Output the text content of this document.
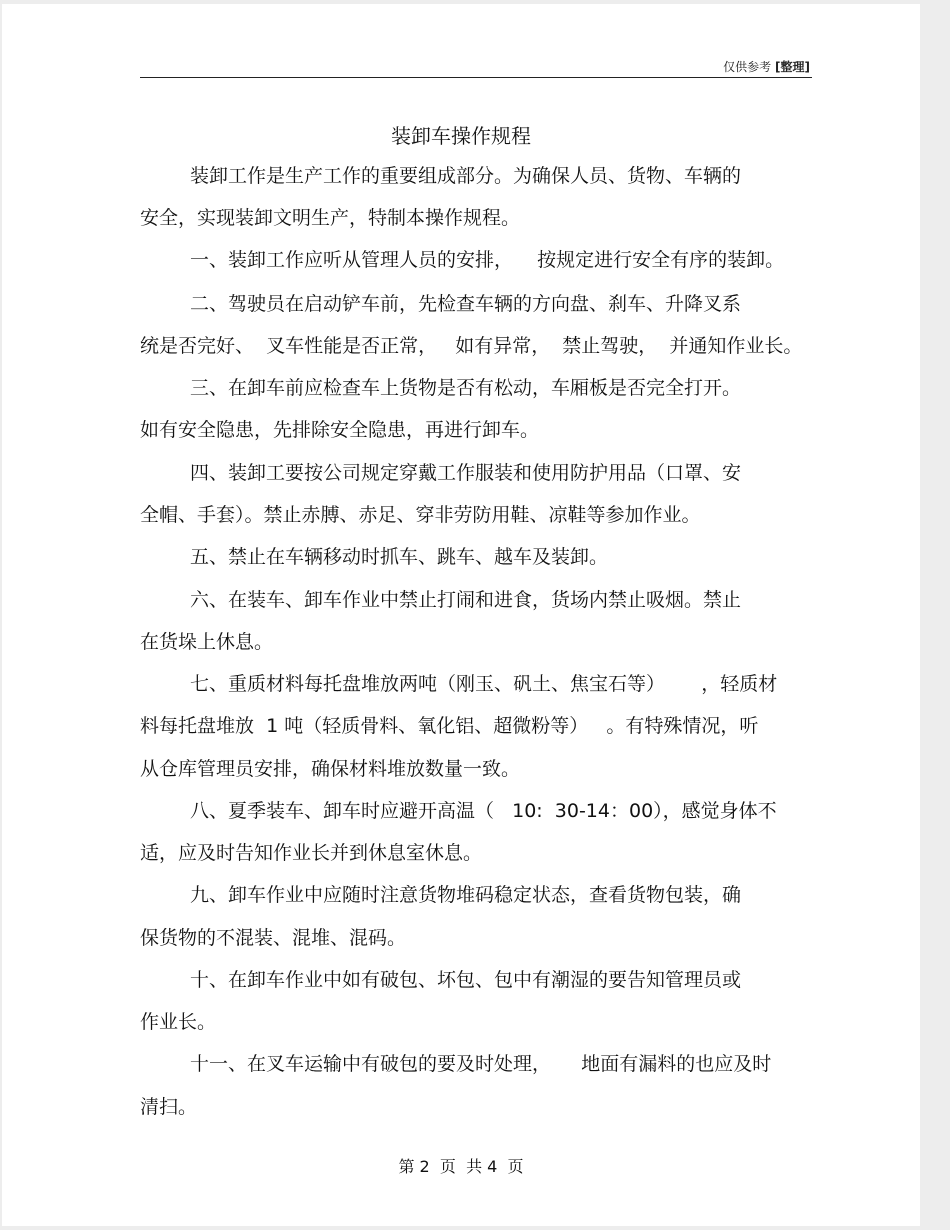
仅供参考 [整理]
装卸车操作规程
装卸工作是生产工作的重要组成部分。为确保人员、货物、车辆的
安全，实现装卸文明生产，特制本操作规程。
一、装卸工作应听从管理人员的安排，    按规定进行安全有序的装卸。
二、驾驶员在启动铲车前，先检查车辆的方向盘、刹车、升降叉系
统是否完好、  叉车性能是否正常，   如有异常，  禁止驾驶，  并通知作业长。
三、在卸车前应检查车上货物是否有松动，车厢板是否完全打开。
如有安全隐患，先排除安全隐患，再进行卸车。
四、装卸工要按公司规定穿戴工作服装和使用防护用品（口罩、安
全帽、手套）。禁止赤膊、赤足、穿非劳防用鞋、凉鞋等参加作业。
五、禁止在车辆移动时抓车、跳车、越车及装卸。
六、在装车、卸车作业中禁止打闹和进食，货场内禁止吸烟。禁止
在货垛上休息。
七、重质材料每托盘堆放两吨（刚玉、矾土、焦宝石等）      ，轻质材
料每托盘堆放  1 吨（轻质骨料、氧化铝、超微粉等）   。有特殊情况，听
从仓库管理员安排，确保材料堆放数量一致。
八、夏季装车、卸车时应避开高温（   10:  30-14：00），感觉身体不
适，应及时告知作业长并到休息室休息。
九、卸车作业中应随时注意货物堆码稳定状态，查看货物包装，确
保货物的不混装、混堆、混码。
十、在卸车作业中如有破包、坏包、包中有潮湿的要告知管理员或
作业长。
十一、在叉车运输中有破包的要及时处理，     地面有漏料的也应及时
清扫。
第 2  页  共 4  页
